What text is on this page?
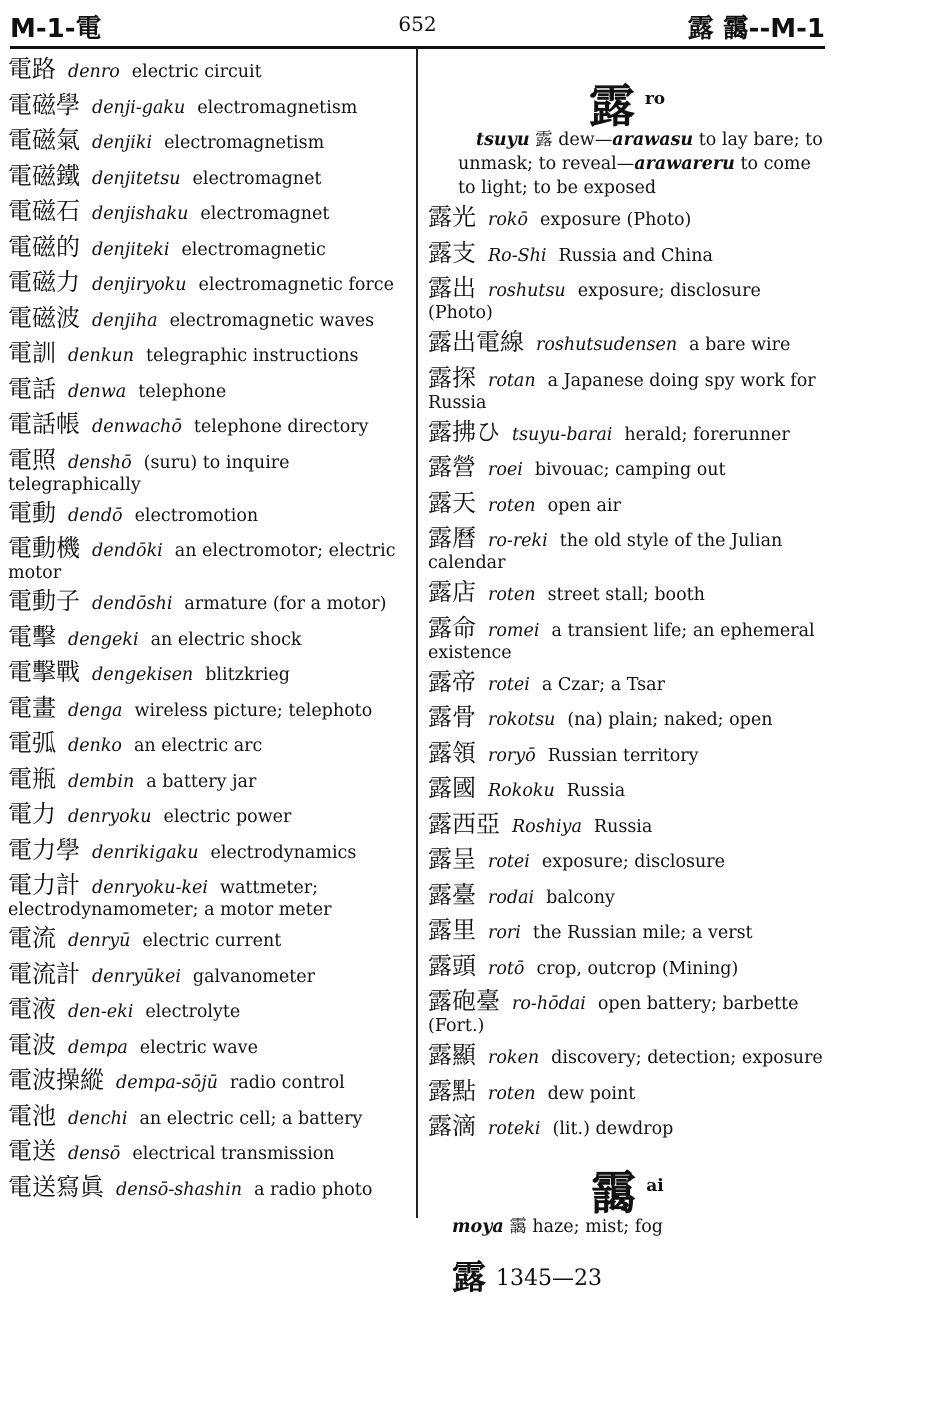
M-1-電	652	露 靄--M-1
電路 denro electric circuit
電磁學 denji-gaku electromagnetism
電磁氣 denjiki electromagnetism
電磁鐵 denjitetsu electromagnet
電磁石 denjishaku electromagnet
電磁的 denjiteki electromagnetic
電磁力 denjiryoku electromagnetic force
電磁波 denjiha electromagnetic waves
電訓 denkun telegraphic instructions
電話 denwa telephone
電話帳 denwachō telephone directory
電照 denshō (suru) to inquire telegraphically
電動 dendō electromotion
電動機 dendōki an electromotor; electric motor
電動子 dendōshi armature (for a motor)
電擊 dengeki an electric shock
電擊戰 dengekisen blitzkrieg
電畫 denga wireless picture; telephoto
電弧 denko an electric arc
電瓶 dembin a battery jar
電力 denryoku electric power
電力學 denrikigaku electrodynamics
電力計 denryoku-kei wattmeter; electrodynamometer; a motor meter
電流 denryū electric current
電流計 denryūkei galvanometer
電液 den-eki electrolyte
電波 dempa electric wave
電波操縱 dempa-sōjū radio control
電池 denchi an electric cell; a battery
電送 densō electrical transmission
電送寫眞 densō-shashin a radio photo
露ro
tsuyu 露 dew—arawasu to lay bare; to unmask; to reveal—arawareru to come to light; to be exposed
露光 rokō exposure (Photo)
露支 Ro-Shi Russia and China
露出 roshutsu exposure; disclosure (Photo)
露出電線 roshutsudensen a bare wire
露探 rotan a Japanese doing spy work for Russia
露拂ひ tsuyu-barai herald; forerunner
露營 roei bivouac; camping out
露天 roten open air
露曆 ro-reki the old style of the Julian calendar
露店 roten street stall; booth
露命 romei a transient life; an ephemeral existence
露帝 rotei a Czar; a Tsar
露骨 rokotsu (na) plain; naked; open
露領 roryō Russian territory
露國 Rokoku Russia
露西亞 Roshiya Russia
露呈 rotei exposure; disclosure
露臺 rodai balcony
露里 rori the Russian mile; a verst
露頭 rotō crop, outcrop (Mining)
露砲臺 ro-hōdai open battery; barbette (Fort.)
露顯 roken discovery; detection; exposure
露點 roten dew point
露滴 roteki (lit.) dewdrop
靄ai
moya 靄 haze; mist; fog
露 1345—23
